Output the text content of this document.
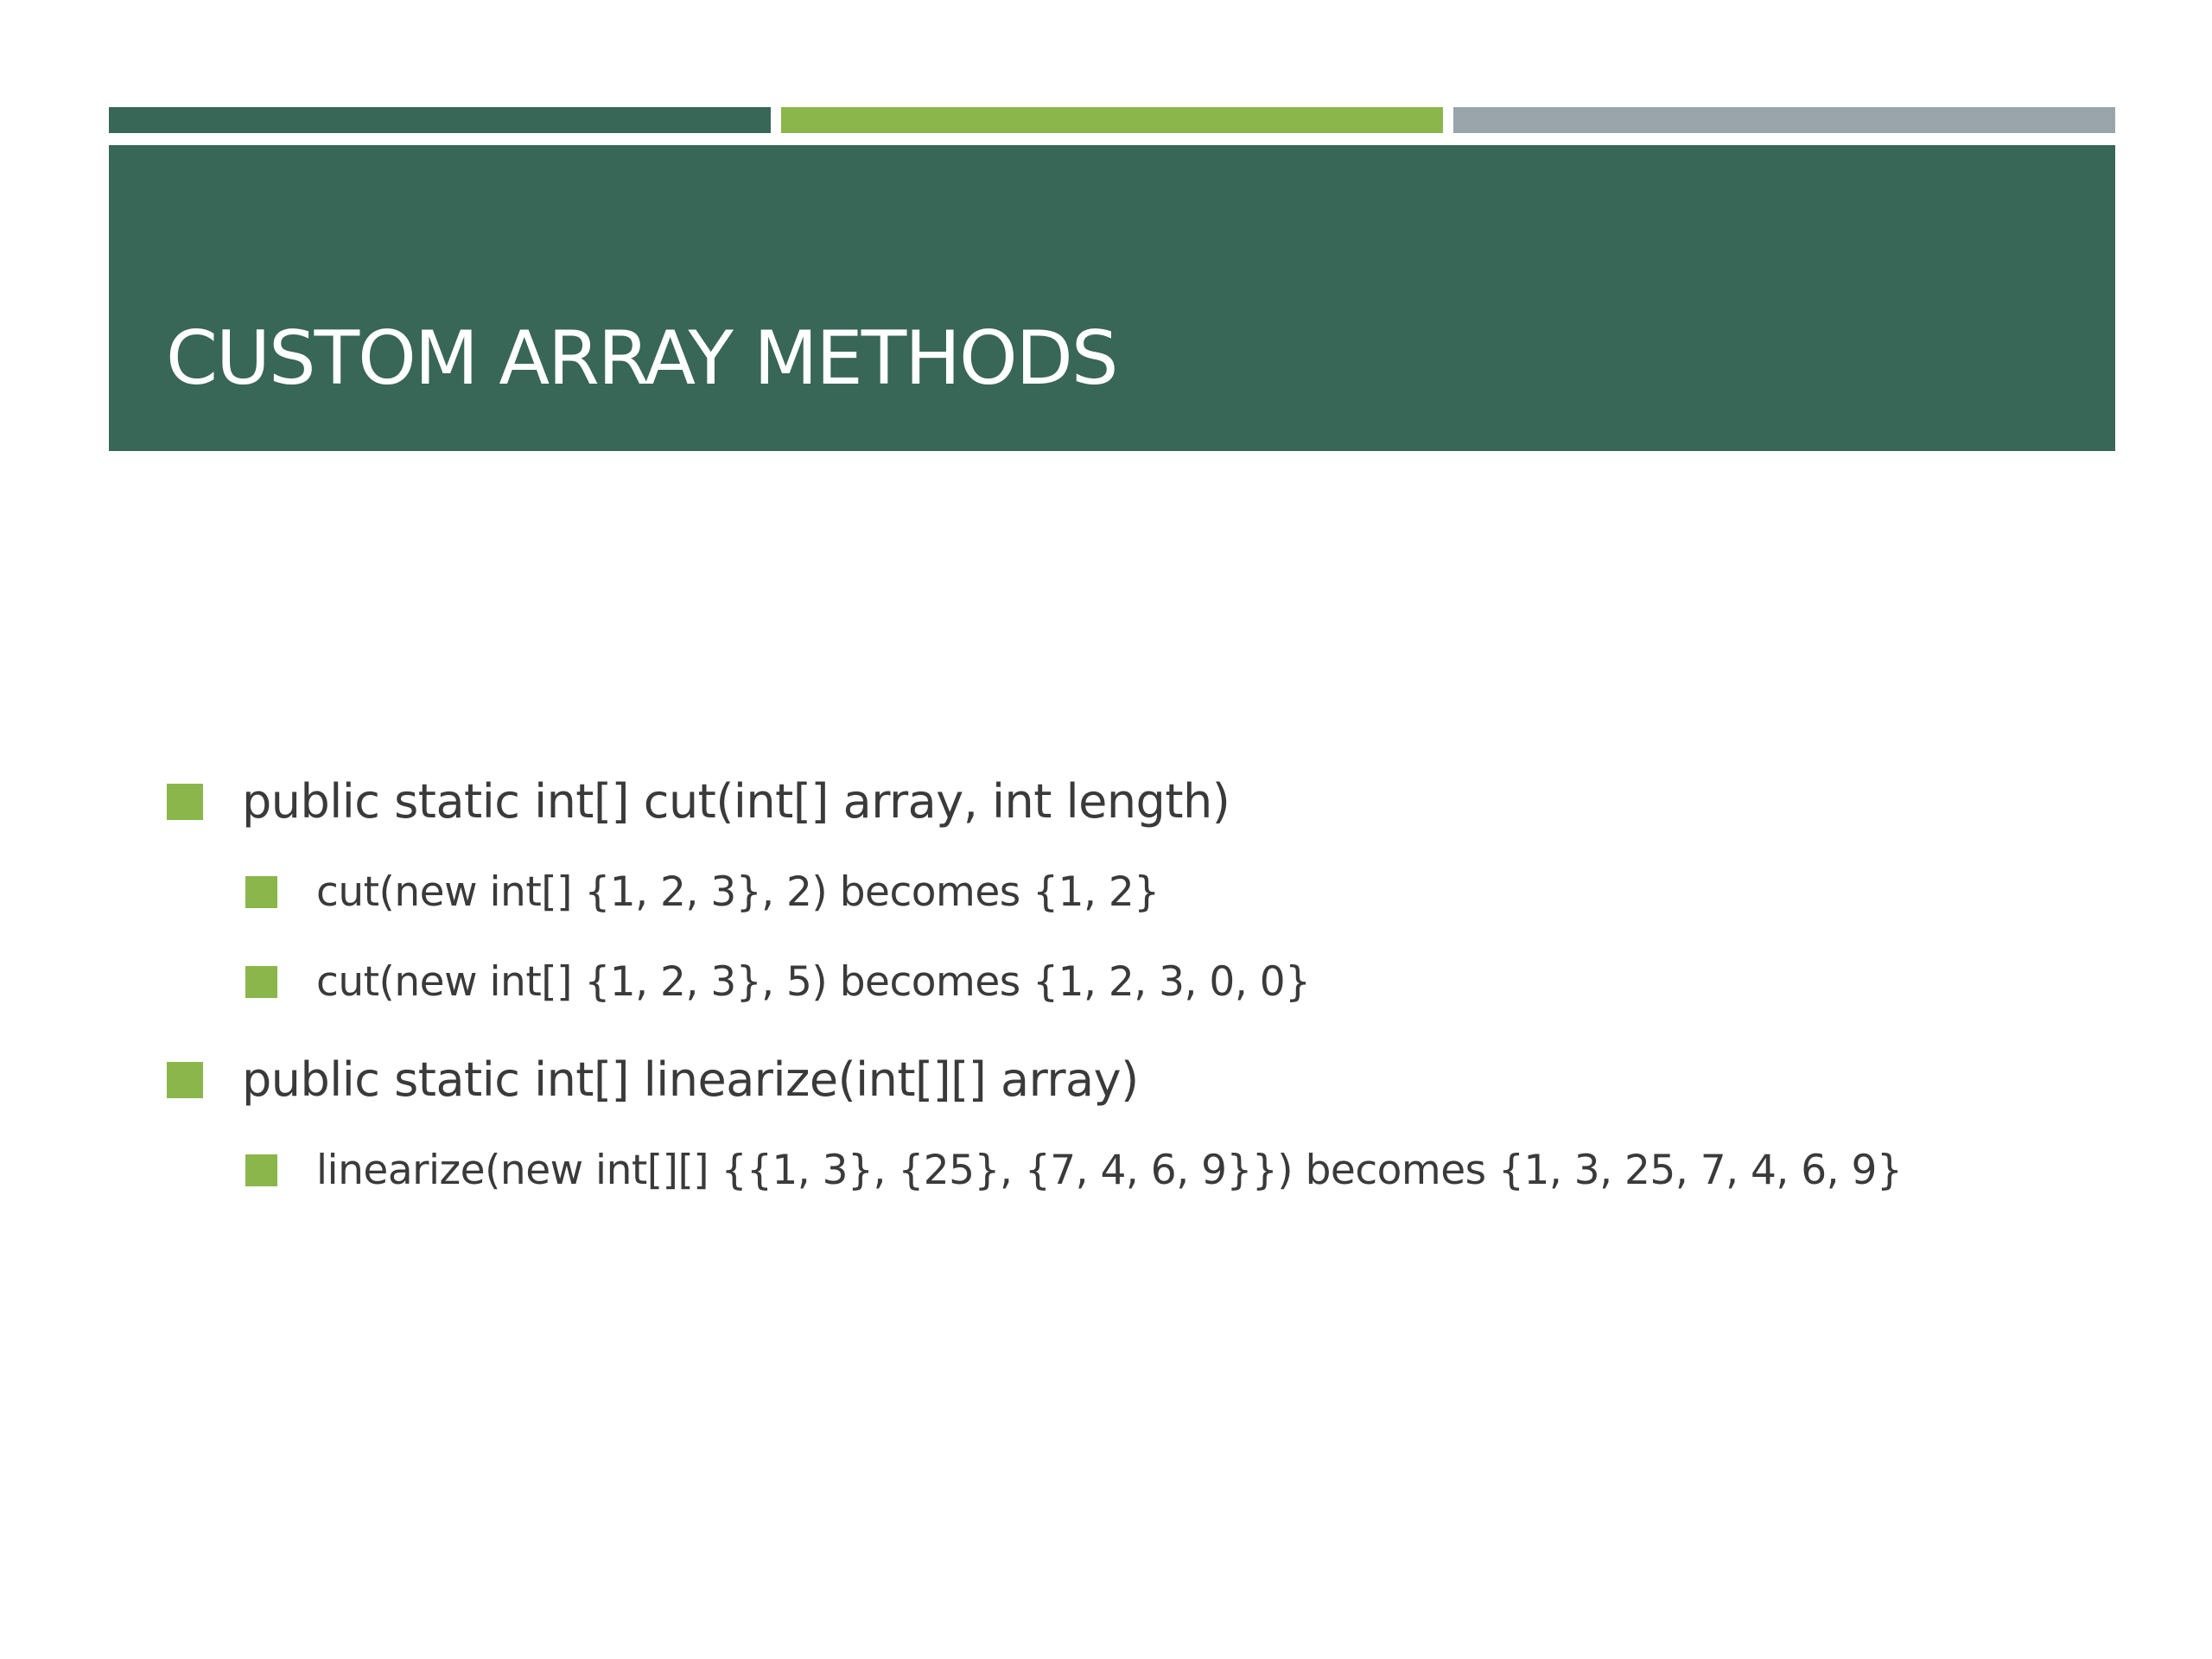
CUSTOM ARRAY METHODS
public static int[] cut(int[] array, int length)
cut(new int[] {1, 2, 3}, 2) becomes {1, 2}
cut(new int[] {1, 2, 3}, 5) becomes {1, 2, 3, 0, 0}
public static int[] linearize(int[][] array)
linearize(new int[][] {{1, 3}, {25}, {7, 4, 6, 9}}) becomes {1, 3, 25, 7, 4, 6, 9}
